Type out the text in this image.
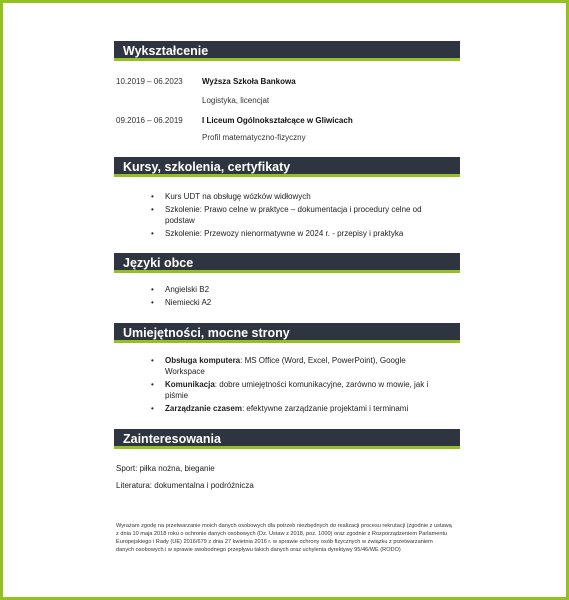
Wykształcenie
10.2019 – 06.2023	Wyższa Szkoła Bankowa
Logistyka, licencjat
09.2016 – 06.2019	I Liceum Ogólnokształcące w Gliwicach
Profil matematyczno-fizyczny
Kursy, szkolenia, certyfikaty
• Kurs UDT na obsługę wózków widłowych
• Szkolenie: Prawo celne w praktyce – dokumentacja i procedury celne od podstaw
• Szkolenie: Przewozy nienormatywne w 2024 r. - przepisy i praktyka
Języki obce
• Angielski B2
• Niemiecki A2
Umiejętności, mocne strony
• Obsługa komputera: MS Office (Word, Excel, PowerPoint), Google Workspace
• Komunikacja: dobre umiejętności komunikacyjne, zarówno w mowie, jak i piśmie
• Zarządzanie czasem: efektywne zarządzanie projektami i terminami
Zainteresowania
Sport: piłka nożna, bieganie
Literatura: dokumentalna i podróżnicza
Wyrażam zgodę na przetwarzanie moich danych osobowych dla potrzeb niezbędnych do realizacji procesu rekrutacji (zgodnie z ustawą z dnia 10 maja 2018 roku o ochronie danych osobowych (Dz. Ustaw z 2018, poz. 1000) oraz zgodnie z Rozporządzeniem Parlamentu Europejskiego i Rady (UE) 2016/679 z dnia 27 kwietnia 2016 r. w sprawie ochrony osób fizycznych w związku z przetwarzaniem danych osobowych i w sprawie swobodnego przepływu takich danych oraz uchylenia dyrektywy 95/46/WE (RODO)
